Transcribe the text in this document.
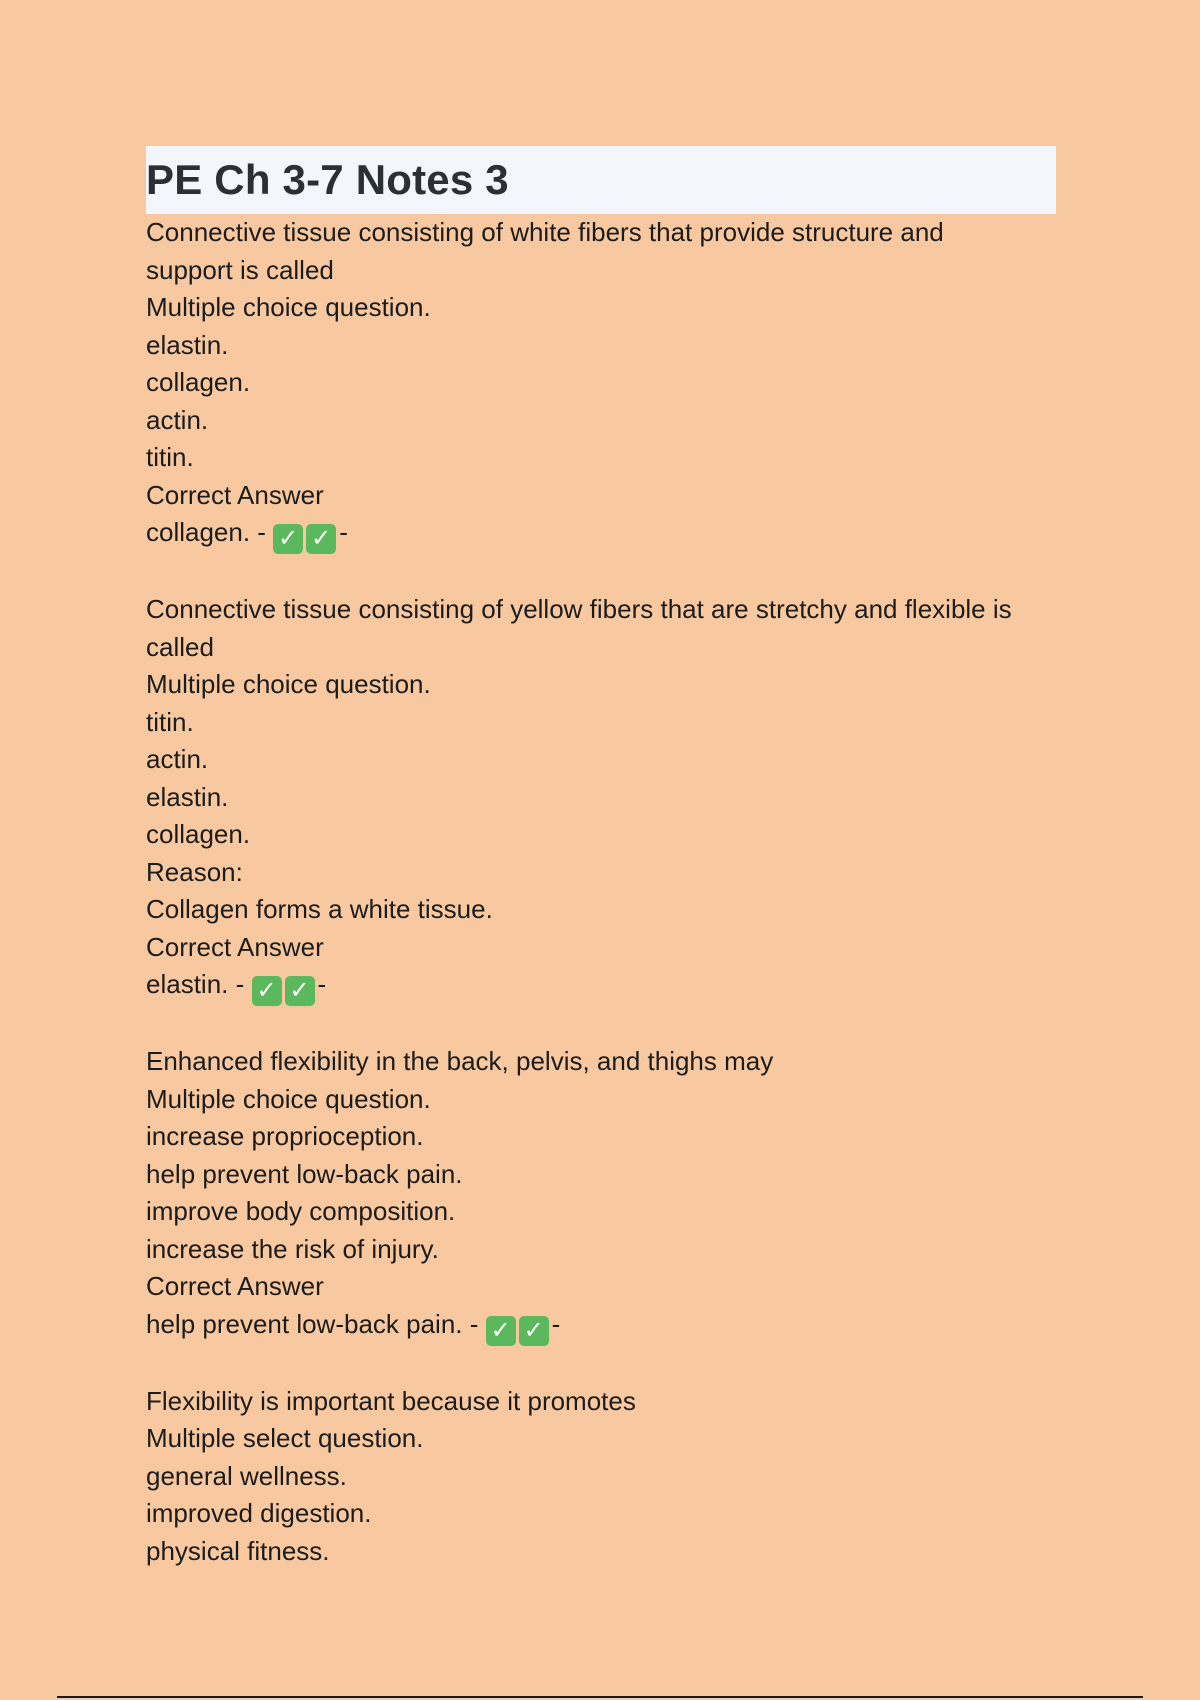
PE Ch 3-7 Notes 3
Connective tissue consisting of white fibers that provide structure and support is called
Multiple choice question.
elastin.
collagen.
actin.
titin.
Correct Answer
collagen. - ✓ ✓ -
Connective tissue consisting of yellow fibers that are stretchy and flexible is called
Multiple choice question.
titin.
actin.
elastin.
collagen.
Reason:
Collagen forms a white tissue.
Correct Answer
elastin. - ✓ ✓ -
Enhanced flexibility in the back, pelvis, and thighs may
Multiple choice question.
increase proprioception.
help prevent low-back pain.
improve body composition.
increase the risk of injury.
Correct Answer
help prevent low-back pain. - ✓ ✓ -
Flexibility is important because it promotes
Multiple select question.
general wellness.
improved digestion.
physical fitness.
